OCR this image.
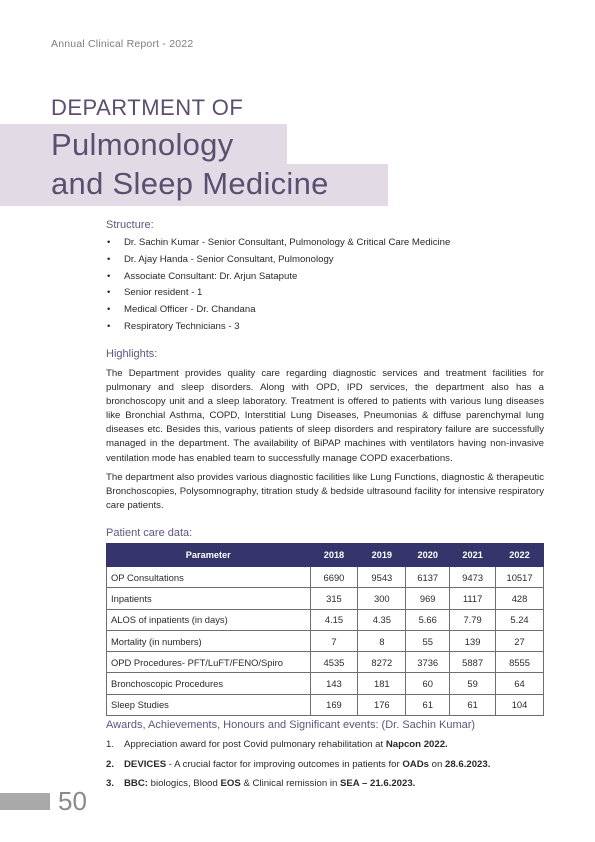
Annual Clinical Report - 2022
DEPARTMENT OF
Pulmonology
and Sleep Medicine
Structure:
• Dr. Sachin Kumar - Senior Consultant, Pulmonology & Critical Care Medicine
• Dr. Ajay Handa - Senior Consultant, Pulmonology
• Associate Consultant: Dr. Arjun Satapute
• Senior resident - 1
• Medical Officer - Dr. Chandana
• Respiratory Technicians - 3
Highlights:
The Department provides quality care regarding diagnostic services and treatment facilities for pulmonary and sleep disorders. Along with OPD, IPD services, the department also has a bronchoscopy unit and a sleep laboratory. Treatment is offered to patients with various lung diseases like Bronchial Asthma, COPD, Interstitial Lung Diseases, Pneumonias & diffuse parenchymal lung diseases etc. Besides this, various patients of sleep disorders and respiratory failure are successfully managed in the department. The availability of BiPAP machines with ventilators having non-invasive ventilation mode has enabled team to successfully manage COPD exacerbations.
The department also provides various diagnostic facilities like Lung Functions, diagnostic & therapeutic Bronchoscopies, Polysomnography, titration study & bedside ultrasound facility for intensive respiratory care patients.
Patient care data:
Parameter	2018	2019	2020	2021	2022
OP Consultations	6690	9543	6137	9473	10517
Inpatients	315	300	969	1117	428
ALOS of inpatients (in days)	4.15	4.35	5.66	7.79	5.24
Mortality (in numbers)	7	8	55	139	27
OPD Procedures- PFT/LuFT/FENO/Spiro	4535	8272	3736	5887	8555
Bronchoscopic Procedures	143	181	60	59	64
Sleep Studies	169	176	61	61	104
Awards, Achievements, Honours and Significant events: (Dr. Sachin Kumar)
1. Appreciation award for post Covid pulmonary rehabilitation at Napcon 2022.
2. DEVICES - A crucial factor for improving outcomes in patients for OADs on 28.6.2023.
3. BBC: biologics, Blood EOS & Clinical remission in SEA – 21.6.2023.
50
